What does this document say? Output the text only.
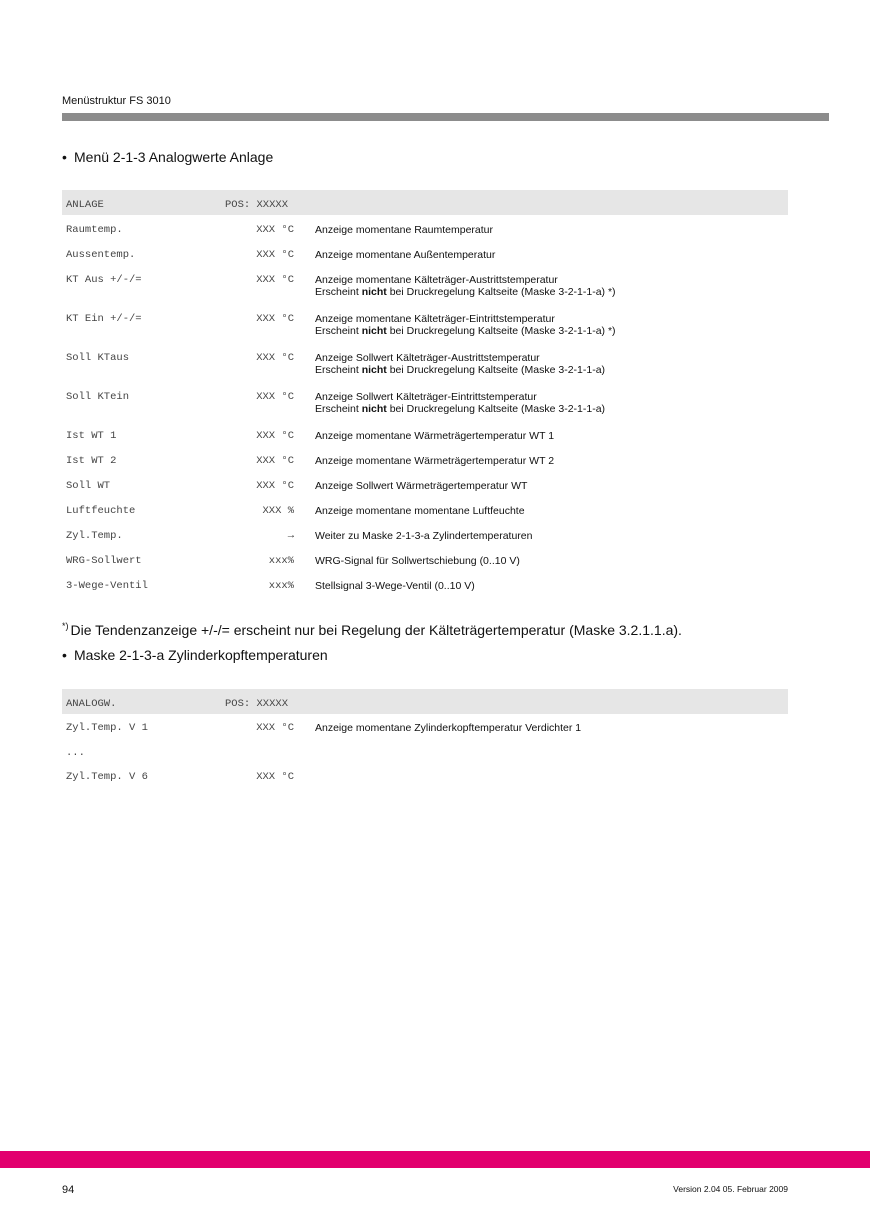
Menüstruktur FS 3010
• Menü 2-1-3 Analogwerte Anlage
ANLAGE	POS: XXXXX
Raumtemp.	XXX °C Anzeige momentane Raumtemperatur
Aussentemp.	XXX °C Anzeige momentane Außentemperatur
KT Aus +/-/=	XXX °C Anzeige momentane Kälteträger-Austrittstemperatur
Erscheint nicht bei Druckregelung Kaltseite (Maske 3-2-1-1-a) *)
KT Ein +/-/=	XXX °C Anzeige momentane Kälteträger-Eintrittstemperatur
Erscheint nicht bei Druckregelung Kaltseite (Maske 3-2-1-1-a) *)
Soll KTaus	XXX °C Anzeige Sollwert Kälteträger-Austrittstemperatur
Erscheint nicht bei Druckregelung Kaltseite (Maske 3-2-1-1-a)
Soll KTein	XXX °C Anzeige Sollwert Kälteträger-Eintrittstemperatur
Erscheint nicht bei Druckregelung Kaltseite (Maske 3-2-1-1-a)
Ist WT 1	XXX °C Anzeige momentane Wärmeträgertemperatur WT 1
Ist WT 2	XXX °C Anzeige momentane Wärmeträgertemperatur WT 2
Soll WT	XXX °C Anzeige Sollwert Wärmeträgertemperatur WT
Luftfeuchte	XXX % Anzeige momentane momentane Luftfeuchte
Zyl.Temp.	→ Weiter zu Maske 2-1-3-a Zylindertemperaturen
WRG-Sollwert	xxx% WRG-Signal für Sollwertschiebung (0..10 V)
3-Wege-Ventil	xxx% Stellsignal 3-Wege-Ventil (0..10 V)
*) Die Tendenzanzeige +/-/= erscheint nur bei Regelung der Kälteträgertemperatur (Maske 3.2.1.1.a).
• Maske 2-1-3-a Zylinderkopftemperaturen
ANALOGW.	POS: XXXXX
Zyl.Temp. V 1	XXX °C Anzeige momentane Zylinderkopftemperatur Verdichter 1
...
Zyl.Temp. V 6	XXX °C
94	Version 2.04 05. Februar 2009
